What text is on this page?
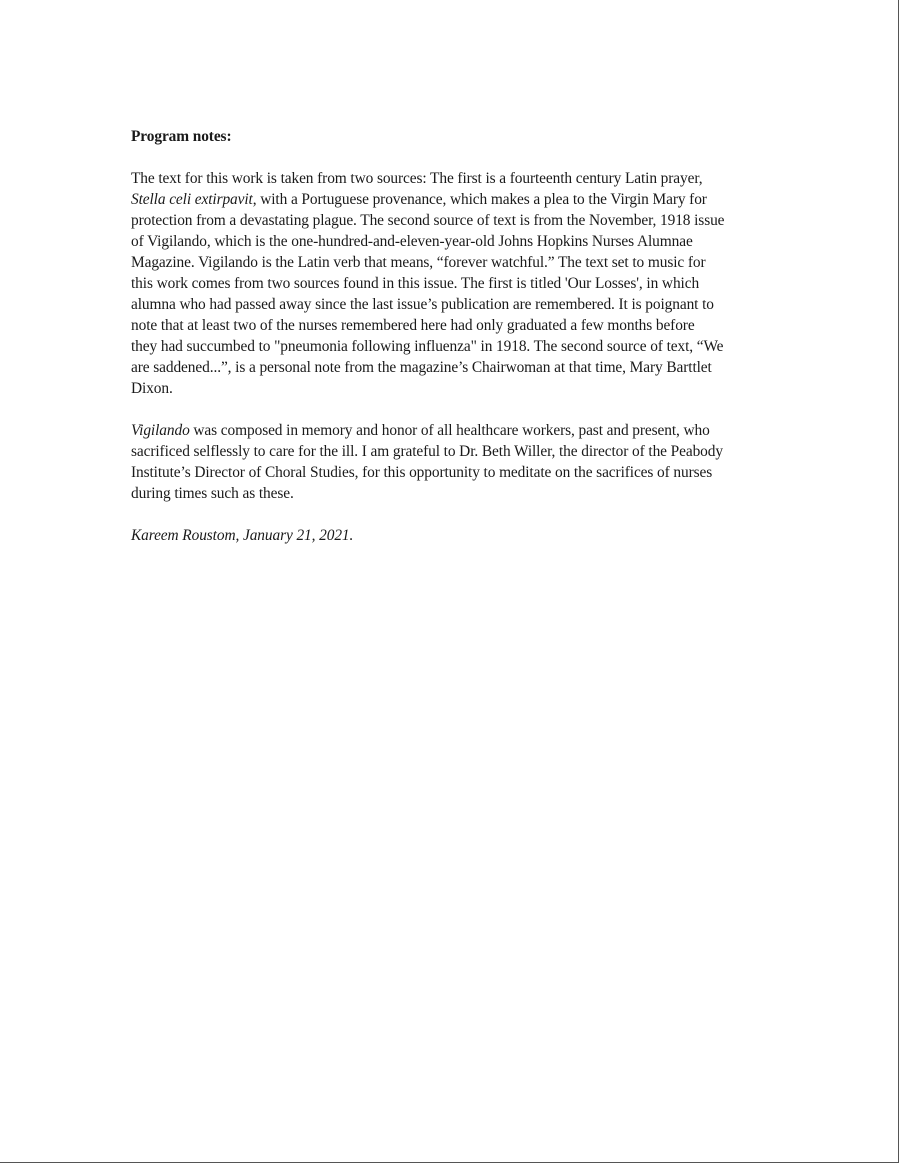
Program notes:

The text for this work is taken from two sources: The first is a fourteenth century Latin prayer,
Stella celi extirpavit, with a Portuguese provenance, which makes a plea to the Virgin Mary for
protection from a devastating plague. The second source of text is from the November, 1918 issue
of Vigilando, which is the one-hundred-and-eleven-year-old Johns Hopkins Nurses Alumnae
Magazine. Vigilando is the Latin verb that means, “forever watchful.” The text set to music for
this work comes from two sources found in this issue. The first is titled 'Our Losses', in which
alumna who had passed away since the last issue’s publication are remembered. It is poignant to
note that at least two of the nurses remembered here had only graduated a few months before
they had succumbed to "pneumonia following influenza" in 1918. The second source of text, “We
are saddened...”, is a personal note from the magazine’s Chairwoman at that time, Mary Barttlet
Dixon.

Vigilando was composed in memory and honor of all healthcare workers, past and present, who
sacrificed selflessly to care for the ill. I am grateful to Dr. Beth Willer, the director of the Peabody
Institute’s Director of Choral Studies, for this opportunity to meditate on the sacrifices of nurses
during times such as these.

Kareem Roustom, January 21, 2021.
